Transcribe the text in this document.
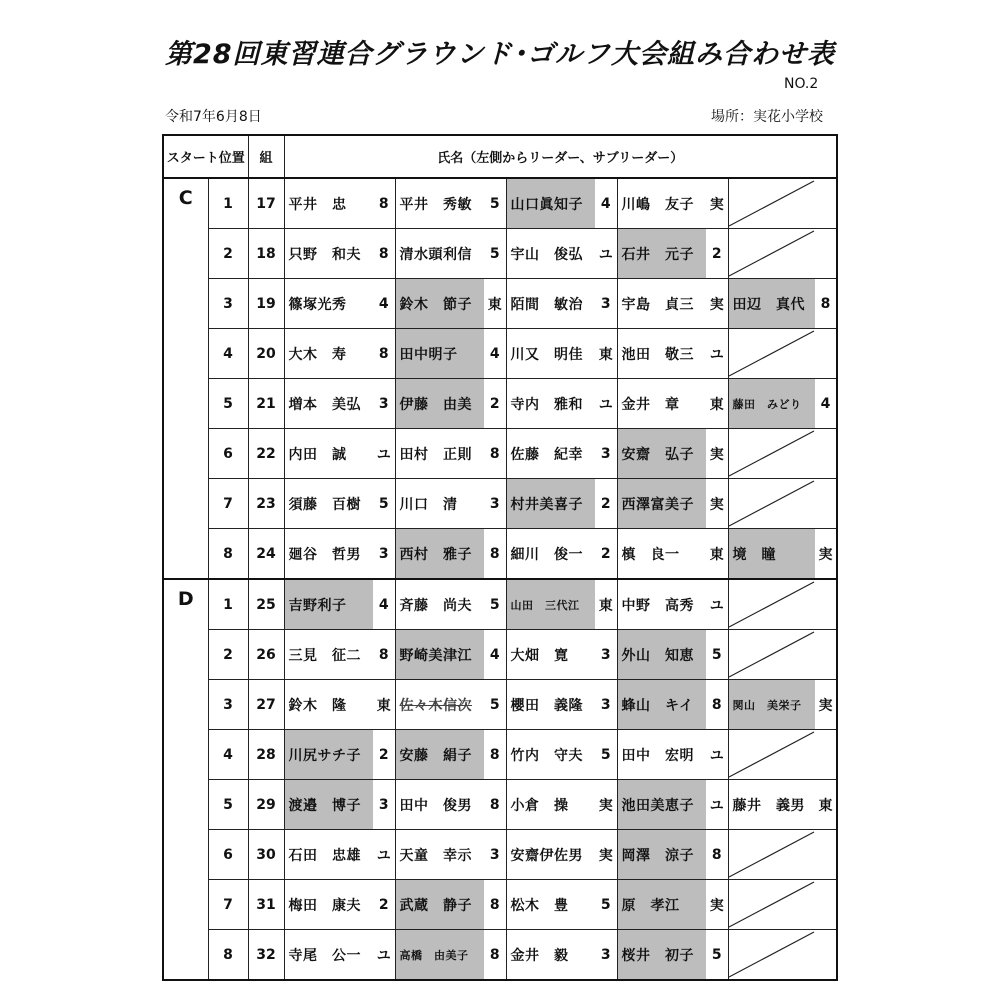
第28回東習連合グラウンド･ゴルフ大会組み合わせ表
NO.2
令和7年6月8日	場所：実花小学校
スタート位置		組	氏名（左側からリーダー、サブリーダー）									
C	1	17	平井　忠	8	平井　秀敏	5	山口眞知子	4	川嶋　友子	実	

	2	18	只野　和夫	8	清水頭利信	5	宇山　俊弘	ユ	石井　元子	2	

	3	19	篠塚光秀	4	鈴木　節子	東	陌間　敏治	3	宇島　貞三	実	田辺　真代	8
	4	20	大木　寿	8	田中明子	4	川又　明佳	東	池田　敬三	ユ	

	5	21	増本　美弘	3	伊藤　由美	2	寺内　雅和	ユ	金井　章	東	藤田　みどり	4
	6	22	内田　誠	ユ	田村　正則	8	佐藤　紀幸	3	安齋　弘子	実	

	7	23	須藤　百樹	5	川口　清	3	村井美喜子	2	西澤富美子	実	

	8	24	廻谷　哲男	3	西村　雅子	8	細川　俊一	2	槙　良一	東	境　瞳	実
D	1	25	吉野利子	4	斉藤　尚夫	5	山田　三代江	東	中野　高秀	ユ	

	2	26	三見　征二	8	野崎美津江	4	大畑　寛	3	外山　知恵	5	

	3	27	鈴木　隆	東	佐々木信次	5	櫻田　義隆	3	蜂山　キイ	8	関山　美栄子	実
	4	28	川尻サチ子	2	安藤　絹子	8	竹内　守夫	5	田中　宏明	ユ	

	5	29	渡邉　博子	3	田中　俊男	8	小倉　操	実	池田美恵子	ユ	藤井　義男	東
	6	30	石田　忠雄	ユ	天童　幸示	3	安齋伊佐男	実	岡澤　涼子	8	

	7	31	梅田　康夫	2	武蔵　静子	8	松木　豊	5	原　孝江	実	

	8	32	寺尾　公一	ユ	高橋　由美子	8	金井　毅	3	桜井　初子	5	
